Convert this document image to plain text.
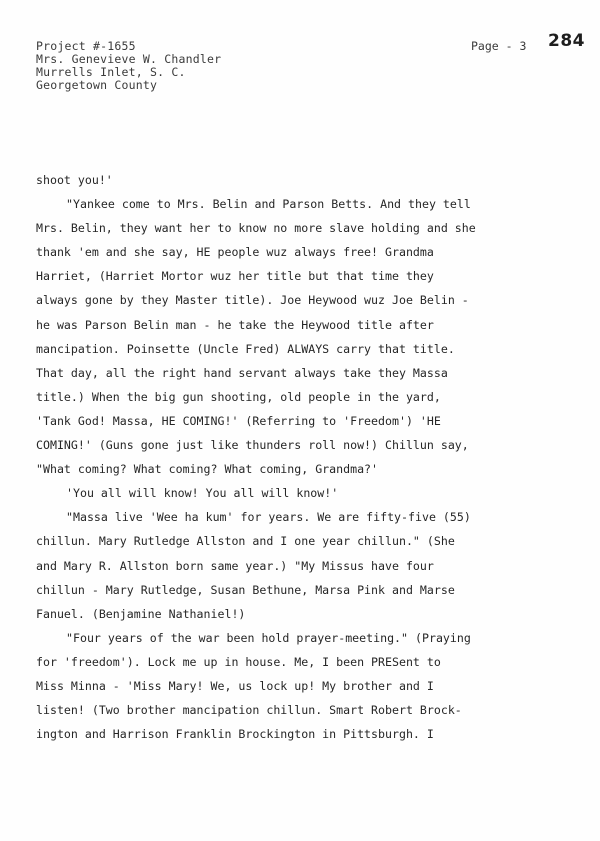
Project #-1655
Mrs. Genevieve W. Chandler
Murrells Inlet, S. C.
Georgetown County
Page - 3 284
shoot you!'
"Yankee come to Mrs. Belin and Parson Betts. And they tell
Mrs. Belin, they want her to know no more slave holding and she
thank 'em and she say, HE people wuz always free! Grandma
Harriet, (Harriet Mortor wuz her title but that time they
always gone by they Master title). Joe Heywood wuz Joe Belin -
he was Parson Belin man - he take the Heywood title after
mancipation. Poinsette (Uncle Fred) ALWAYS carry that title.
That day, all the right hand servant always take they Massa
title.) When the big gun shooting, old people in the yard,
'Tank God! Massa, HE COMING!' (Referring to 'Freedom') 'HE
COMING!' (Guns gone just like thunders roll now!) Chillun say,
"What coming? What coming? What coming, Grandma?'
'You all will know! You all will know!'
"Massa live 'Wee ha kum' for years. We are fifty-five (55)
chillun. Mary Rutledge Allston and I one year chillun." (She
and Mary R. Allston born same year.) "My Missus have four
chillun - Mary Rutledge, Susan Bethune, Marsa Pink and Marse
Fanuel. (Benjamine Nathaniel!)
"Four years of the war been hold prayer-meeting." (Praying
for 'freedom'). Lock me up in house. Me, I been PRESent to
Miss Minna - 'Miss Mary! We, us lock up! My brother and I
listen! (Two brother mancipation chillun. Smart Robert Brock-
ington and Harrison Franklin Brockington in Pittsburgh. I
